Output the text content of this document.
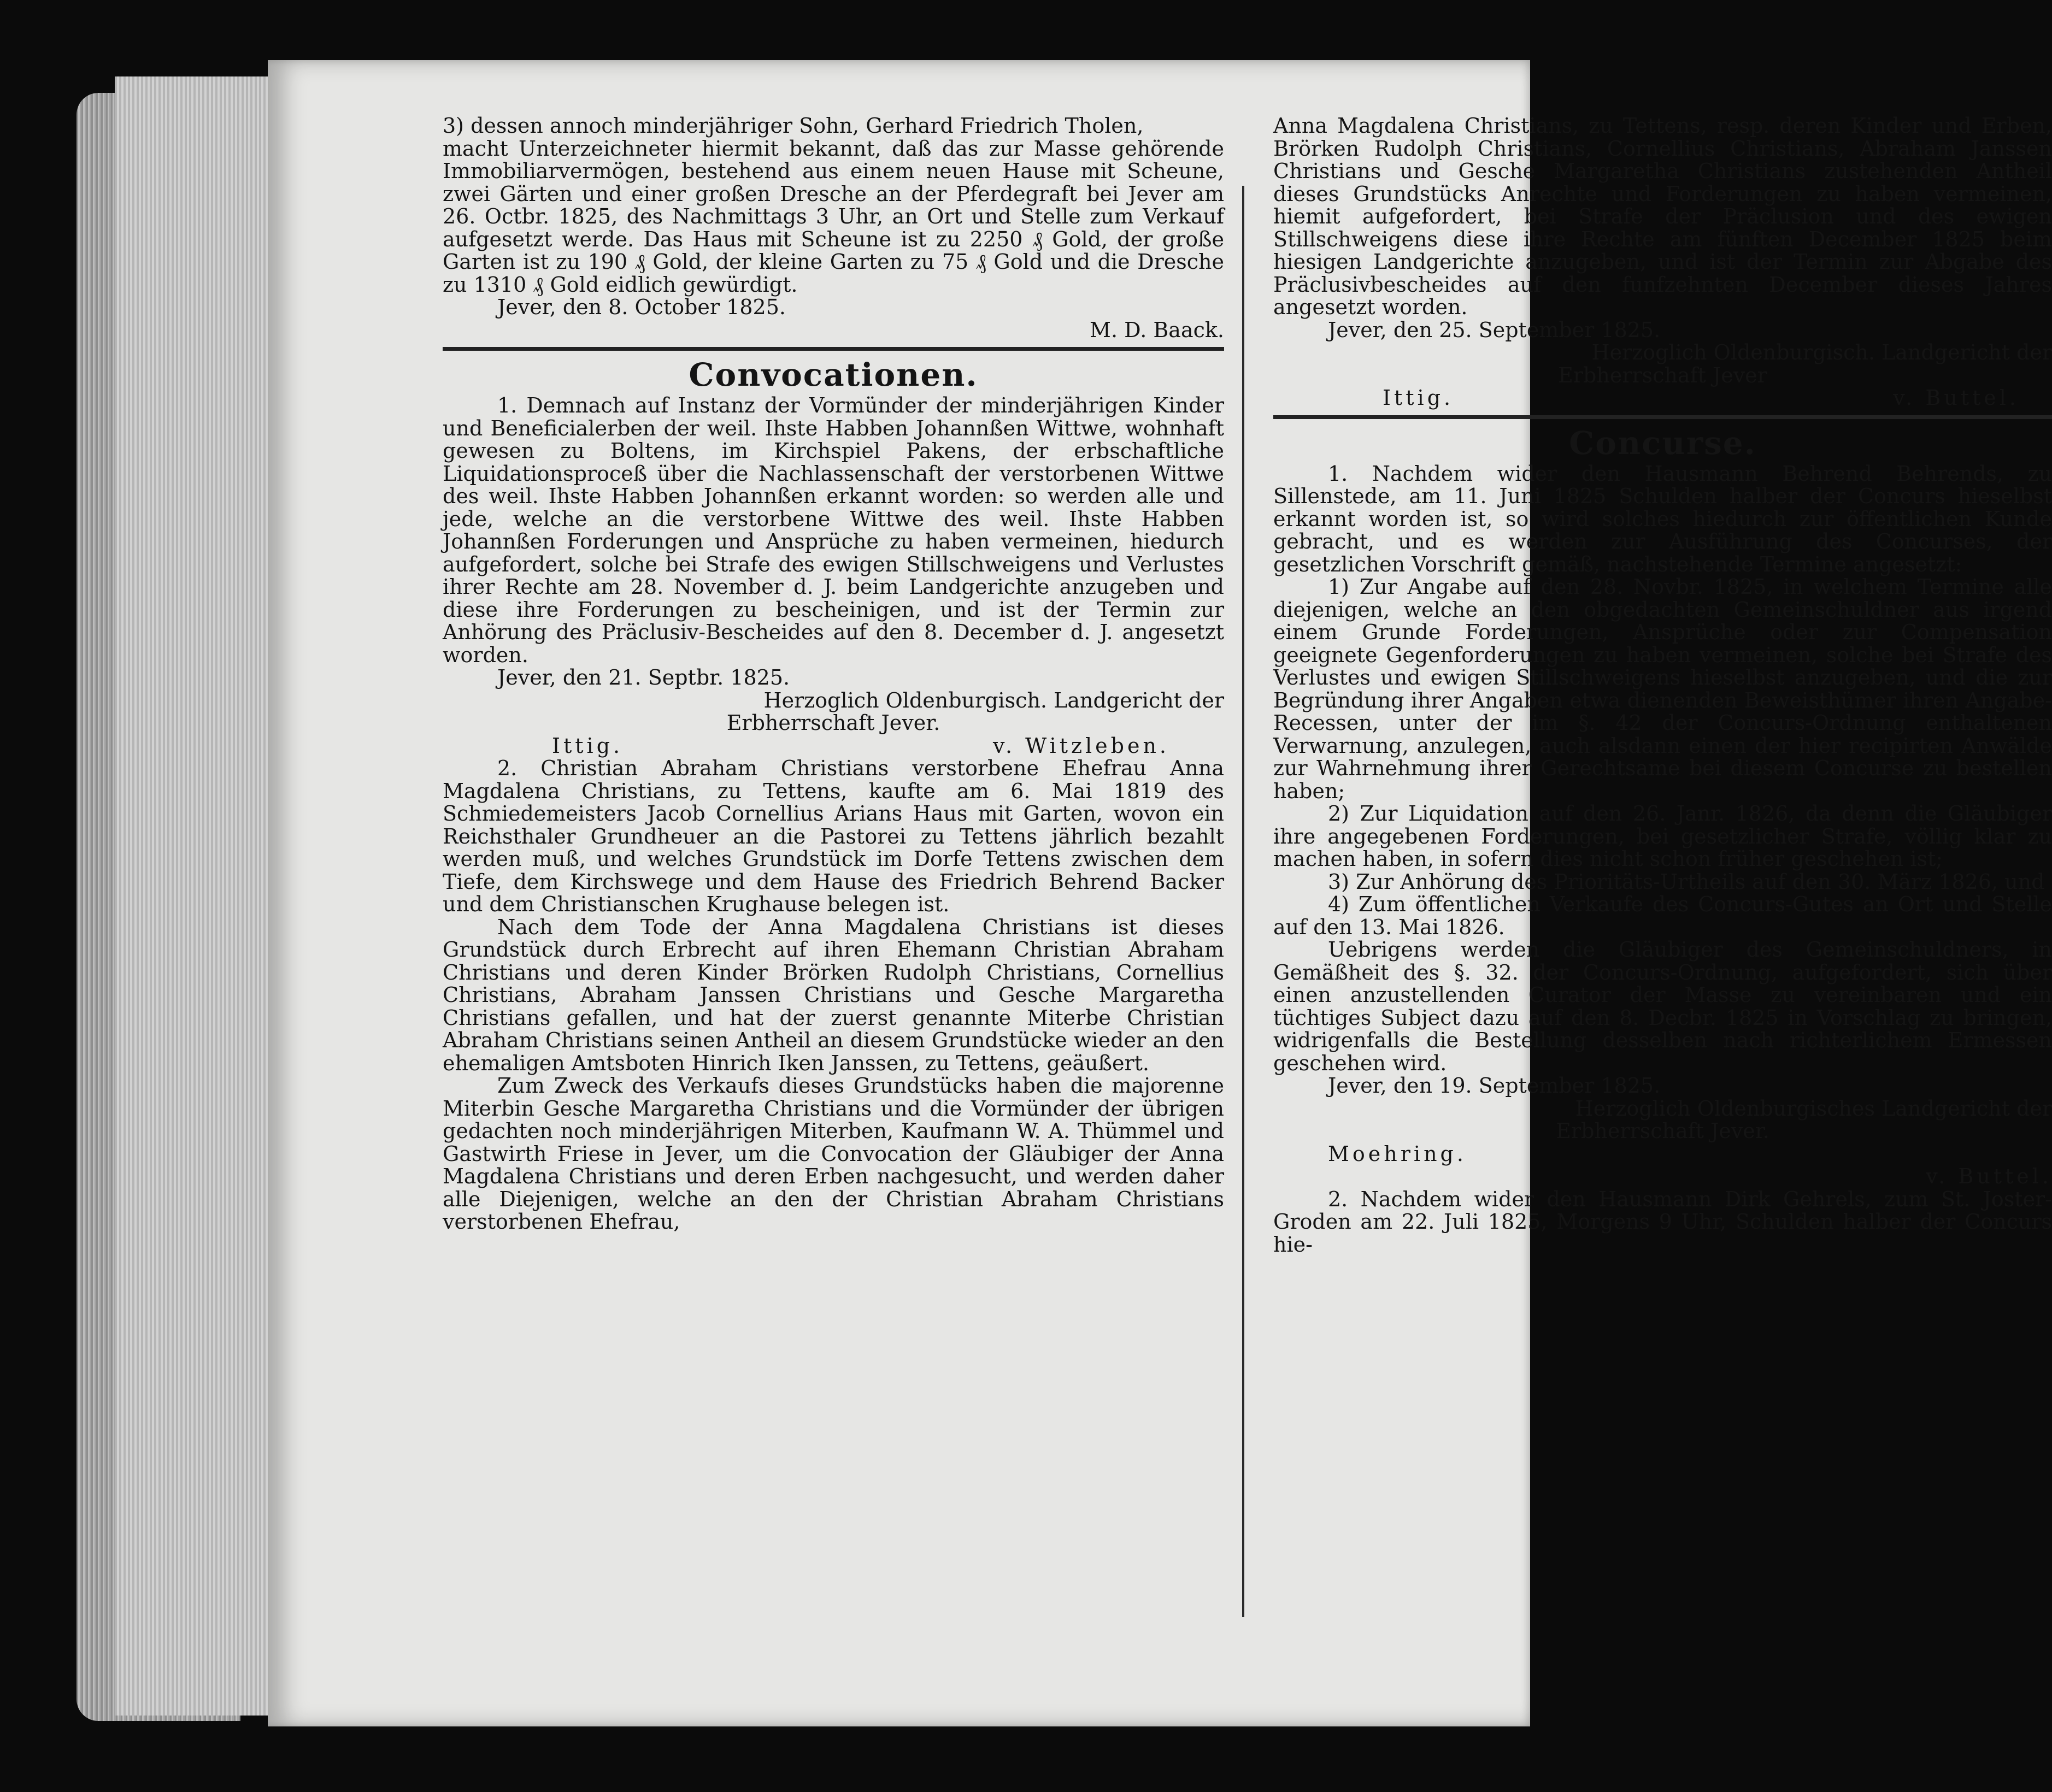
3) dessen annoch minderjähriger Sohn, Gerhard Friedrich Tholen,

macht Unterzeichneter hiermit bekannt, daß das zur Masse gehörende Immobiliarvermögen, bestehend aus einem neuen Hause mit Scheune, zwei Gärten und einer großen Dresche an der Pferdegraft bei Jever am 26. Octbr. 1825, des Nachmittags 3 Uhr, an Ort und Stelle zum Verkauf aufgesetzt werde. Das Haus mit Scheune ist zu 2250 ₰ Gold, der große Garten ist zu 190 ₰ Gold, der kleine Garten zu 75 ₰ Gold und die Dresche zu 1310 ₰ Gold eidlich gewürdigt.

Jever, den 8. October 1825.

M. D. Baack.

Convocationen.

1. Demnach auf Instanz der Vormünder der minderjährigen Kinder und Beneficialerben der weil. Ihste Habben Johannßen Wittwe, wohnhaft gewesen zu Boltens, im Kirchspiel Pakens, der erbschaftliche Liquidationsproceß über die Nachlassenschaft der verstorbenen Wittwe des weil. Ihste Habben Johannßen erkannt worden: so werden alle und jede, welche an die verstorbene Wittwe des weil. Ihste Habben Johannßen Forderungen und Ansprüche zu haben vermeinen, hiedurch aufgefordert, solche bei Strafe des ewigen Stillschweigens und Verlustes ihrer Rechte am 28. November d. J. beim Landgerichte anzugeben und diese ihre Forderungen zu bescheinigen, und ist der Termin zur Anhörung des Präclusiv-Bescheides auf den 8. December d. J. angesetzt worden.

Jever, den 21. Septbr. 1825.

Herzoglich Oldenburgisch. Landgericht der

Erbherrschaft Jever.

Ittig.	v. Witzleben.

2. Christian Abraham Christians verstorbene Ehefrau Anna Magdalena Christians, zu Tettens, kaufte am 6. Mai 1819 des Schmiedemeisters Jacob Cornellius Arians Haus mit Garten, wovon ein Reichsthaler Grundheuer an die Pastorei zu Tettens jährlich bezahlt werden muß, und welches Grundstück im Dorfe Tettens zwischen dem Tiefe, dem Kirchswege und dem Hause des Friedrich Behrend Backer und dem Christianschen Krughause belegen ist.

Nach dem Tode der Anna Magdalena Christians ist dieses Grundstück durch Erbrecht auf ihren Ehemann Christian Abraham Christians und deren Kinder Brörken Rudolph Christians, Cornellius Christians, Abraham Janssen Christians und Gesche Margaretha Christians gefallen, und hat der zuerst genannte Miterbe Christian Abraham Christians seinen Antheil an diesem Grundstücke wieder an den ehemaligen Amtsboten Hinrich Iken Janssen, zu Tettens, geäußert.

Zum Zweck des Verkaufs dieses Grundstücks haben die majorenne Miterbin Gesche Margaretha Christians und die Vormünder der übrigen gedachten noch minderjährigen Miterben, Kaufmann W. A. Thümmel und Gastwirth Friese in Jever, um die Convocation der Gläubiger der Anna Magdalena Christians und deren Erben nachgesucht, und werden daher alle Diejenigen, welche an den der Christian Abraham Christians verstorbenen Ehefrau,

Anna Magdalena Christians, zu Tettens, resp. deren Kinder und Erben, Brörken Rudolph Christians, Cornellius Christians, Abraham Janssen Christians und Gesche Margaretha Christians zustehenden Antheil dieses Grundstücks Anrechte und Forderungen zu haben vermeinen, hiemit aufgefordert, bei Strafe der Präclusion und des ewigen Stillschweigens diese ihre Rechte am fünften December 1825 beim hiesigen Landgerichte anzugeben, und ist der Termin zur Abgabe des Präclusivbescheides auf den funfzehnten December dieses Jahres angesetzt worden.

Jever, den 25. September 1825.

Herzoglich Oldenburgisch. Landgericht der

Erbherrschaft Jever

Ittig.	v. Buttel.

Concurse.

1. Nachdem wider den Hausmann Behrend Behrends, zu Sillenstede, am 11. Juni 1825 Schulden halber der Concurs hieselbst erkannt worden ist, so wird solches hiedurch zur öffentlichen Kunde gebracht, und es werden zur Ausführung des Concurses, der gesetzlichen Vorschrift gemäß, nachstehende Termine angesetzt:

1) Zur Angabe auf den 28. Novbr. 1825, in welchem Termine alle diejenigen, welche an den obgedachten Gemeinschuldner aus irgend einem Grunde Forderungen, Ansprüche oder zur Compensation geeignete Gegenforderungen zu haben vermeinen, solche bei Strafe des Verlustes und ewigen Stillschweigens hieselbst anzugeben, und die zur Begründung ihrer Angaben etwa dienenden Beweisthümer ihren Angabe-Recessen, unter der im §. 42 der Concurs-Ordnung enthaltenen Verwarnung, anzulegen, auch alsdann einen der hier recipirten Anwälde zur Wahrnehmung ihrer Gerechtsame bei diesem Concurse zu bestellen haben;

2) Zur Liquidation auf den 26. Janr. 1826, da denn die Gläubiger ihre angegebenen Forderungen, bei gesetzlicher Strafe, völlig klar zu machen haben, in sofern dies nicht schon früher geschehen ist;

3) Zur Anhörung des Prioritäts-Urtheils auf den 30. März 1826, und

4) Zum öffentlichen Verkaufe des Concurs-Gutes an Ort und Stelle auf den 13. Mai 1826.

Uebrigens werden die Gläubiger des Gemeinschuldners, in Gemäßheit des §. 32. der Concurs-Ordnung, aufgefordert, sich über einen anzustellenden Curator der Masse zu vereinbaren und ein tüchtiges Subject dazu auf den 8. Decbr. 1825 in Vorschlag zu bringen, widrigenfalls die Bestellung desselben nach richterlichem Ermessen geschehen wird.

Jever, den 19. September 1825.

Herzoglich Oldenburgisches Landgericht der

Erbherrschaft Jever.

Moehring.

v. Buttel.

2. Nachdem wider den Hausmann Dirk Gehrels, zum St. Joster-Groden am 22. Juli 1825, Morgens 9 Uhr, Schulden halber der Concurs hie-
